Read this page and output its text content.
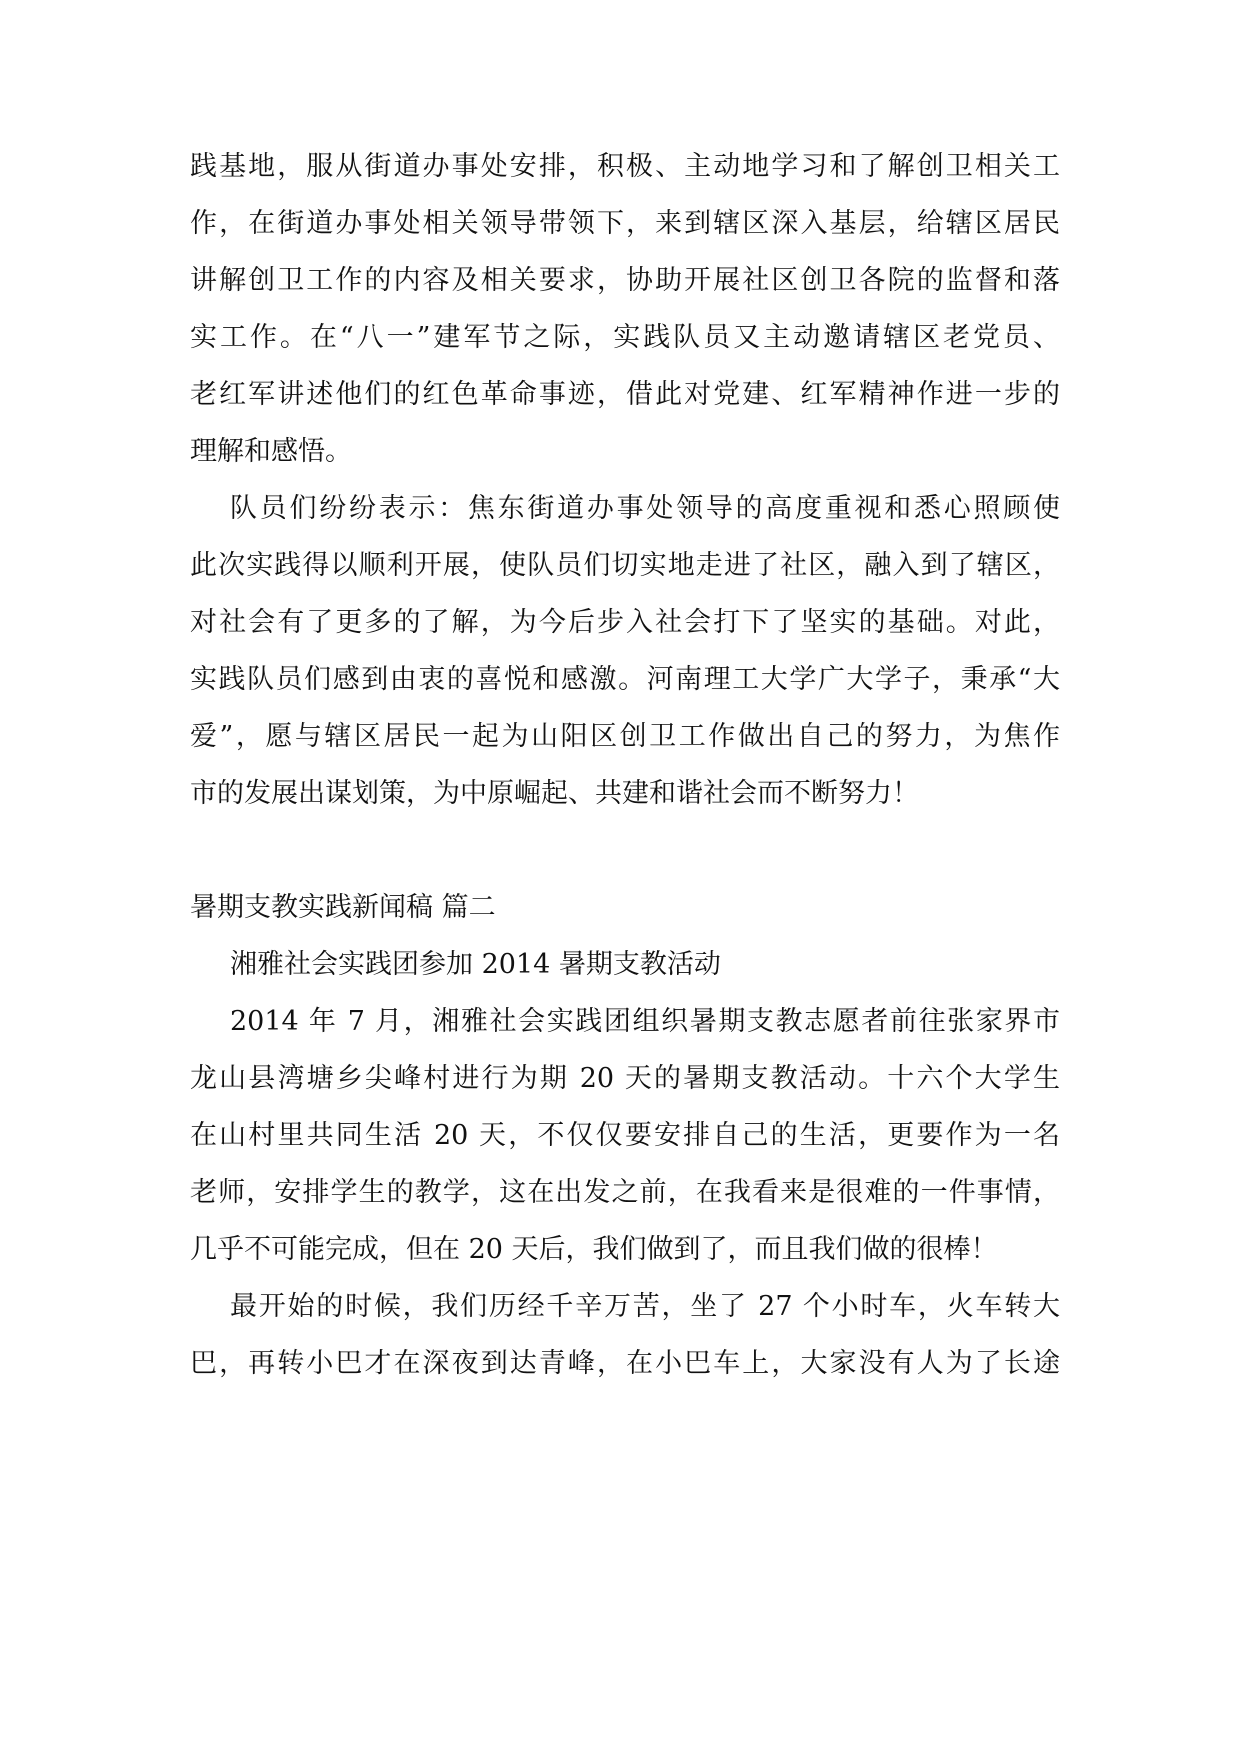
践基地，服从街道办事处安排，积极、主动地学习和了解创卫相关工
作，在街道办事处相关领导带领下，来到辖区深入基层，给辖区居民
讲解创卫工作的内容及相关要求，协助开展社区创卫各院的监督和落
实工作。在“八一”建军节之际，实践队员又主动邀请辖区老党员、
老红军讲述他们的红色革命事迹，借此对党建、红军精神作进一步的
理解和感悟。
队员们纷纷表示：焦东街道办事处领导的高度重视和悉心照顾使
此次实践得以顺利开展，使队员们切实地走进了社区，融入到了辖区，
对社会有了更多的了解，为今后步入社会打下了坚实的基础。对此，
实践队员们感到由衷的喜悦和感激。河南理工大学广大学子，秉承“大
爱”，愿与辖区居民一起为山阳区创卫工作做出自己的努力，为焦作
市的发展出谋划策，为中原崛起、共建和谐社会而不断努力！
暑期支教实践新闻稿 篇二
湘雅社会实践团参加 2014 暑期支教活动
2014 年 7 月，湘雅社会实践团组织暑期支教志愿者前往张家界市
龙山县湾塘乡尖峰村进行为期 20 天的暑期支教活动。十六个大学生
在山村里共同生活 20 天，不仅仅要安排自己的生活，更要作为一名
老师，安排学生的教学，这在出发之前，在我看来是很难的一件事情，
几乎不可能完成，但在 20 天后，我们做到了，而且我们做的很棒！
最开始的时候，我们历经千辛万苦，坐了 27 个小时车，火车转大
巴，再转小巴才在深夜到达青峰，在小巴车上，大家没有人为了长途
